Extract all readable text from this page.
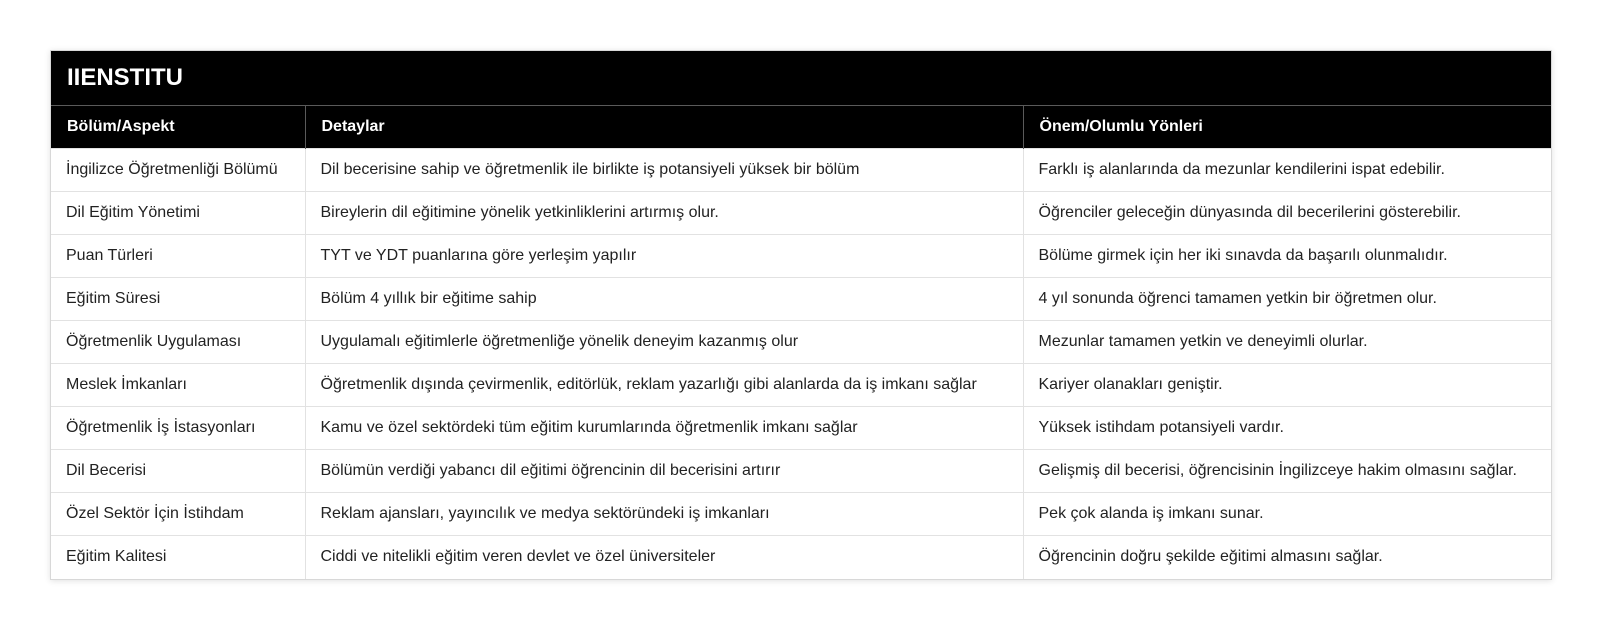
IIENSTITU
Bölüm/Aspekt	Detaylar	Önem/Olumlu Yönleri
İngilizce Öğretmenliği Bölümü	Dil becerisine sahip ve öğretmenlik ile birlikte iş potansiyeli yüksek bir bölüm	Farklı iş alanlarında da mezunlar kendilerini ispat edebilir.
Dil Eğitim Yönetimi	Bireylerin dil eğitimine yönelik yetkinliklerini artırmış olur.	Öğrenciler geleceğin dünyasında dil becerilerini gösterebilir.
Puan Türleri	TYT ve YDT puanlarına göre yerleşim yapılır	Bölüme girmek için her iki sınavda da başarılı olunmalıdır.
Eğitim Süresi	Bölüm 4 yıllık bir eğitime sahip	4 yıl sonunda öğrenci tamamen yetkin bir öğretmen olur.
Öğretmenlik Uygulaması	Uygulamalı eğitimlerle öğretmenliğe yönelik deneyim kazanmış olur	Mezunlar tamamen yetkin ve deneyimli olurlar.
Meslek İmkanları	Öğretmenlik dışında çevirmenlik, editörlük, reklam yazarlığı gibi alanlarda da iş imkanı sağlar	Kariyer olanakları geniştir.
Öğretmenlik İş İstasyonları	Kamu ve özel sektördeki tüm eğitim kurumlarında öğretmenlik imkanı sağlar	Yüksek istihdam potansiyeli vardır.
Dil Becerisi	Bölümün verdiği yabancı dil eğitimi öğrencinin dil becerisini artırır	Gelişmiş dil becerisi, öğrencisinin İngilizceye hakim olmasını sağlar.
Özel Sektör İçin İstihdam	Reklam ajansları, yayıncılık ve medya sektöründeki iş imkanları	Pek çok alanda iş imkanı sunar.
Eğitim Kalitesi	Ciddi ve nitelikli eğitim veren devlet ve özel üniversiteler	Öğrencinin doğru şekilde eğitimi almasını sağlar.
